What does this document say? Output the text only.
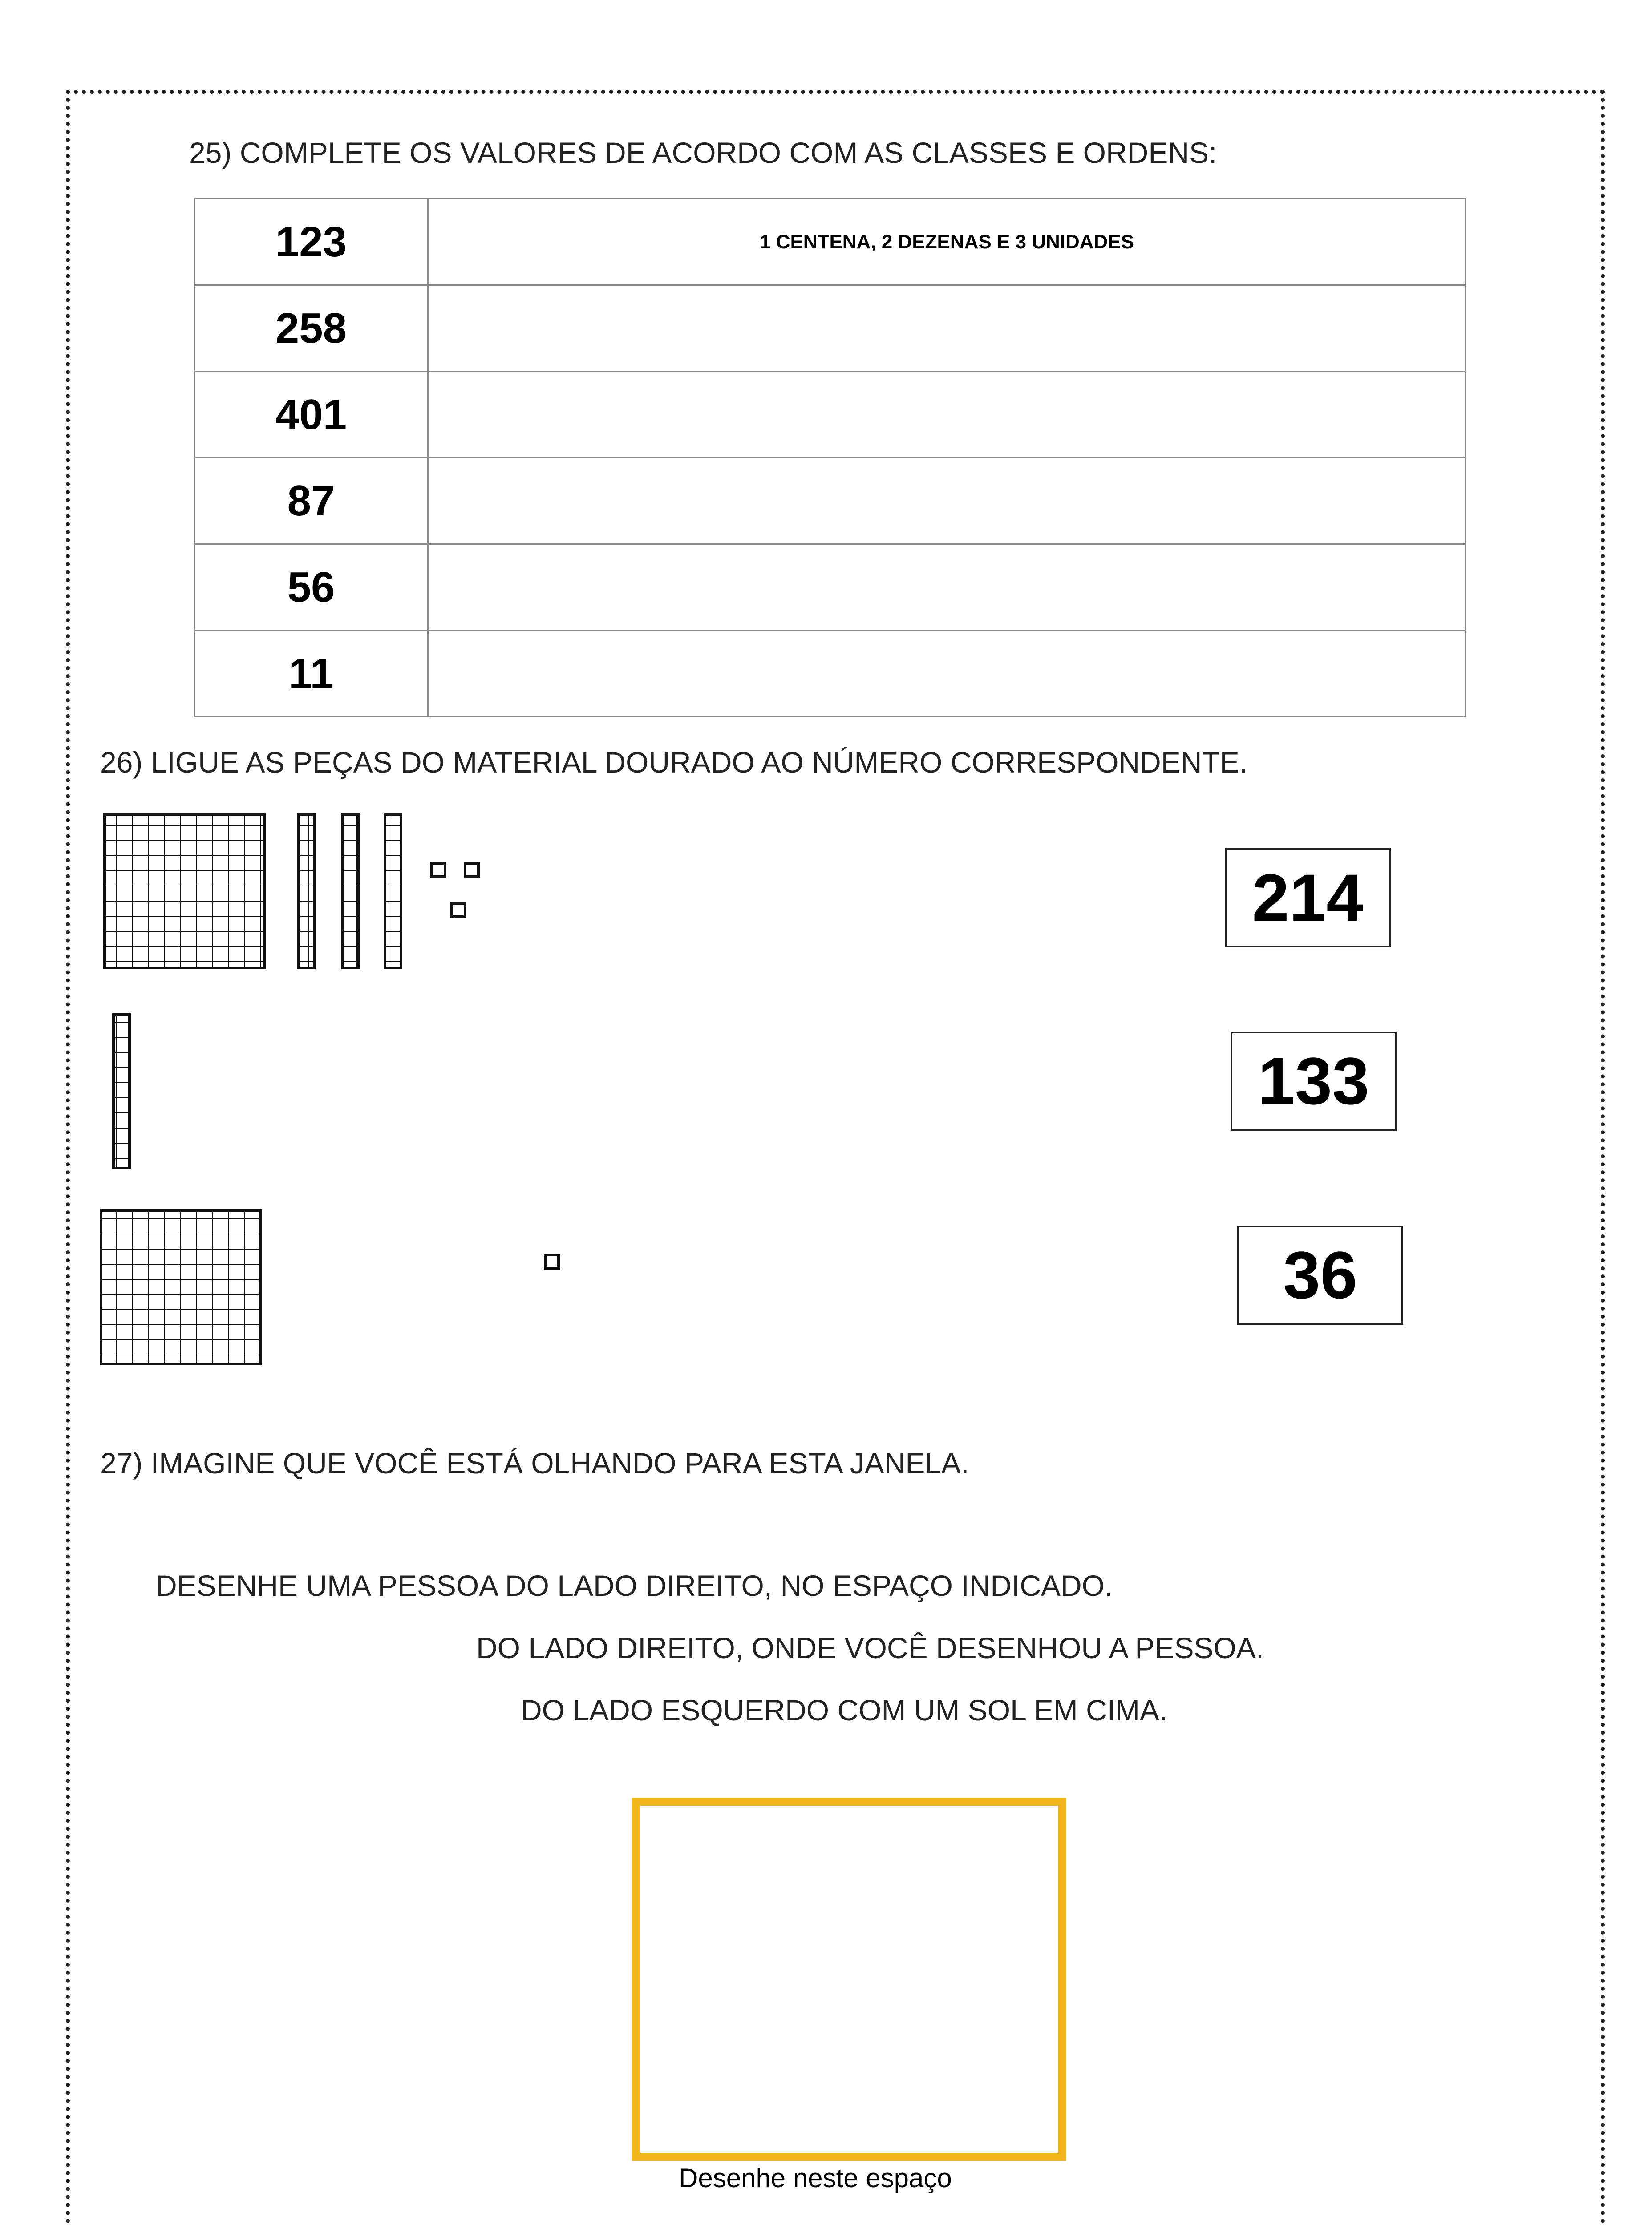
25) COMPLETE OS VALORES DE ACORDO COM AS CLASSES E ORDENS:
123	1 CENTENA, 2 DEZENAS E 3 UNIDADES
258	
401	
87	
56	
11	
26) LIGUE AS PEÇAS DO MATERIAL DOURADO AO NÚMERO CORRESPONDENTE.
214
133
36
27) IMAGINE QUE VOCÊ ESTÁ OLHANDO PARA ESTA JANELA.
DESENHE UMA PESSOA DO LADO DIREITO, NO ESPAÇO INDICADO.
DO LADO DIREITO, ONDE VOCÊ DESENHOU A PESSOA.
DO LADO ESQUERDO COM UM SOL EM CIMA.
Desenhe neste espaço
